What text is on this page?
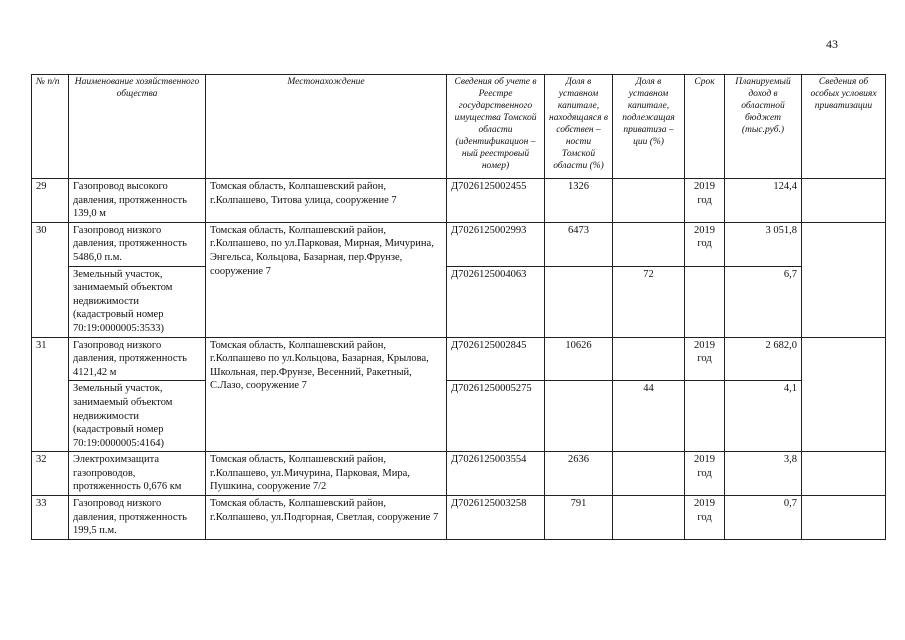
43
№ п/п	Наименование хозяйственного общества	Местонахождение	Сведения об учете в Реестре государственного имущества Томской области (идентификацион – ный реестровый номер)	Доля в уставном капитале, находящаяся в собствен – ности Томской области (%)	Доля в уставном капитале, подлежащая приватиза – ции (%)	Срок	Планируемый доход в областной бюджет (тыс.руб.)	Сведения об особых условиях приватизации
29	Газопровод высокого давления, протяженность 139,0 м	Томская область, Колпашевский район, г.Колпашево, Титова улица, сооружение 7	Д7026125002455	1326		2019 год	124,4	
30	Газопровод низкого давления, протяженность 5486,0 п.м.	Томская область, Колпашевский район, г.Колпашево, по ул.Парковая, Мирная, Мичурина, Энгельса, Кольцова, Базарная, пер.Фрунзе, сооружение 7	Д7026125002993	6473		2019 год	3 051,8	
	Земельный участок, занимаемый объектом недвижимости (кадастровый номер 70:19:0000005:3533)		Д7026125004063		72		6,7	
31	Газопровод низкого давления, протяженность 4121,42 м	Томская область, Колпашевский район, г.Колпашево по ул.Кольцова, Базарная, Крылова, Школьная, пер.Фрунзе, Весенний, Ракетный, С.Лазо, сооружение 7	Д7026125002845	10626		2019 год	2 682,0	
	Земельный участок, занимаемый объектом недвижимости (кадастровый номер 70:19:0000005:4164)		Д70261250005275		44		4,1	
32	Электрохимзащита газопроводов, протяженность 0,676 км	Томская область, Колпашевский район, г.Колпашево, ул.Мичурина, Парковая, Мира, Пушкина, сооружение 7/2	Д7026125003554	2636		2019 год	3,8	
33	Газопровод низкого давления, протяженность 199,5 п.м.	Томская область, Колпашевский район, г.Колпашево, ул.Подгорная, Светлая, сооружение 7	Д7026125003258	791		2019 год	0,7	
